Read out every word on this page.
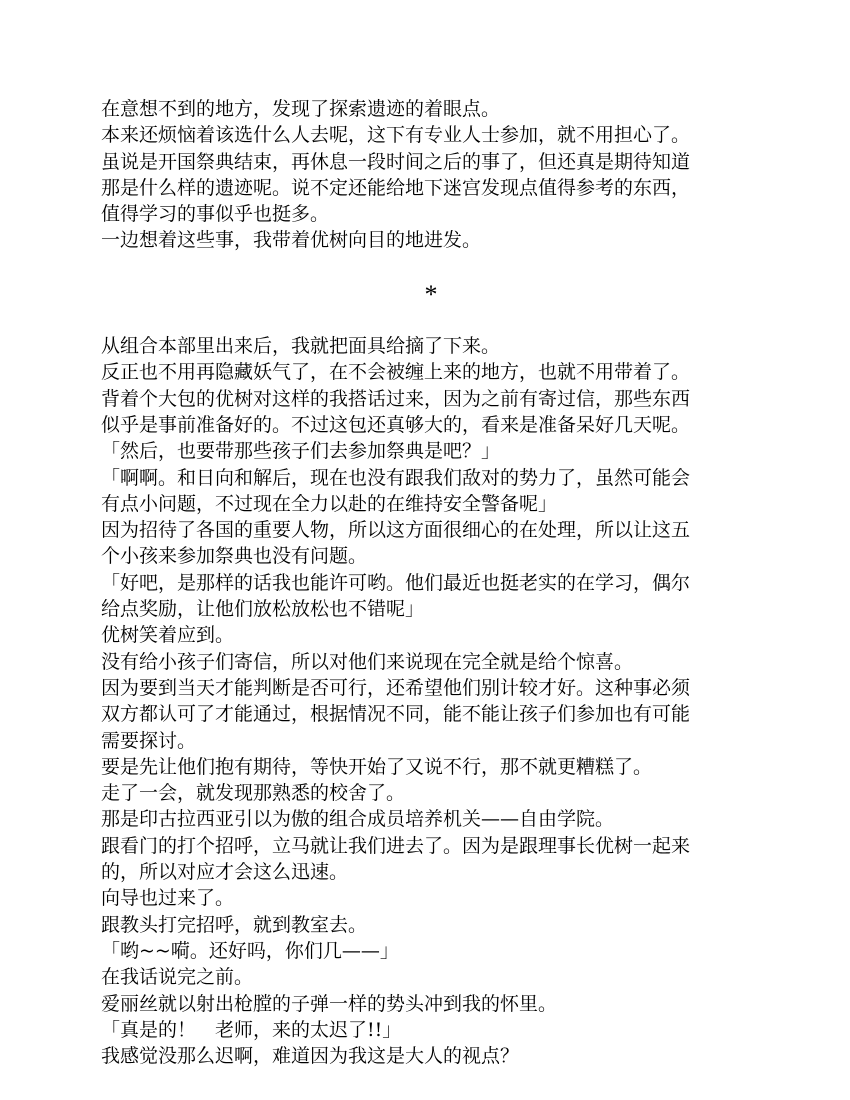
在意想不到的地方，发现了探索遗迹的着眼点。
本来还烦恼着该选什么人去呢，这下有专业人士参加，就不用担心了。
虽说是开国祭典结束，再休息一段时间之后的事了，但还真是期待知道
那是什么样的遗迹呢。说不定还能给地下迷宫发现点值得参考的东西，
值得学习的事似乎也挺多。
一边想着这些事，我带着优树向目的地进发。
*
从组合本部里出来后，我就把面具给摘了下来。
反正也不用再隐藏妖气了，在不会被缠上来的地方，也就不用带着了。
背着个大包的优树对这样的我搭话过来，因为之前有寄过信，那些东西
似乎是事前准备好的。不过这包还真够大的，看来是准备呆好几天呢。
「然后，也要带那些孩子们去参加祭典是吧？」
「啊啊。和日向和解后，现在也没有跟我们敌对的势力了，虽然可能会
有点小问题，不过现在全力以赴的在维持安全警备呢」
因为招待了各国的重要人物，所以这方面很细心的在处理，所以让这五
个小孩来参加祭典也没有问题。
「好吧，是那样的话我也能许可哟。他们最近也挺老实的在学习，偶尔
给点奖励，让他们放松放松也不错呢」
优树笑着应到。
没有给小孩子们寄信，所以对他们来说现在完全就是给个惊喜。
因为要到当天才能判断是否可行，还希望他们别计较才好。这种事必须
双方都认可了才能通过，根据情况不同，能不能让孩子们参加也有可能
需要探讨。
要是先让他们抱有期待，等快开始了又说不行，那不就更糟糕了。
走了一会，就发现那熟悉的校舍了。
那是印古拉西亚引以为傲的组合成员培养机关——自由学院。
跟看门的打个招呼，立马就让我们进去了。因为是跟理事长优树一起来
的，所以对应才会这么迅速。
向导也过来了。
跟教头打完招呼，就到教室去。
「哟~~嗬。还好吗，你们几——」
在我话说完之前。
爱丽丝就以射出枪膛的子弹一样的势头冲到我的怀里。
「真是的！　老师，来的太迟了!!」
我感觉没那么迟啊，难道因为我这是大人的视点？
